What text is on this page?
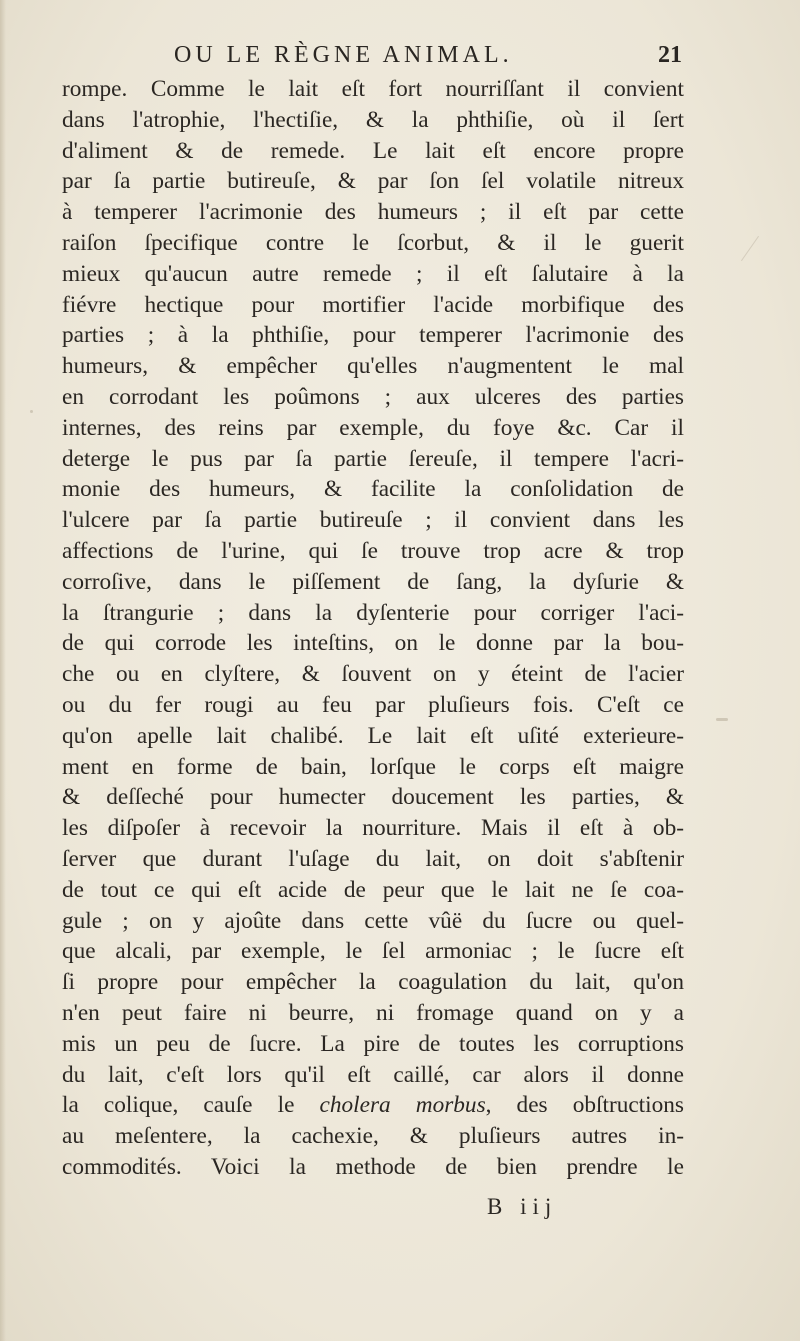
OU LE RÈGNE ANIMAL.	21
rompe. Comme le lait eſt fort nourriſſant il convient
dans l'atrophie, l'hectiſie, & la phthiſie, où il ſert
d'aliment & de remede. Le lait eſt encore propre
par ſa partie butireuſe, & par ſon ſel volatile nitreux
à temperer l'acrimonie des humeurs ; il eſt par cette
raiſon ſpecifique contre le ſcorbut, & il le guerit
mieux qu'aucun autre remede ; il eſt ſalutaire à la
fiévre hectique pour mortifier l'acide morbifique des
parties ; à la phthiſie, pour temperer l'acrimonie des
humeurs, & empêcher qu'elles n'augmentent le mal
en corrodant les poûmons ; aux ulceres des parties
internes, des reins par exemple, du foye &c. Car il
deterge le pus par ſa partie ſereuſe, il tempere l'acri-
monie des humeurs, & facilite la conſolidation de
l'ulcere par ſa partie butireuſe ; il convient dans les
affections de l'urine, qui ſe trouve trop acre & trop
corroſive, dans le piſſement de ſang, la dyſurie &
la ſtrangurie ; dans la dyſenterie pour corriger l'aci-
de qui corrode les inteſtins, on le donne par la bou-
che ou en clyſtere, & ſouvent on y éteint de l'acier
ou du fer rougi au feu par pluſieurs fois. C'eſt ce
qu'on apelle lait chalibé. Le lait eſt uſité exterieure-
ment en forme de bain, lorſque le corps eſt maigre
& deſſeché pour humecter doucement les parties, &
les diſpoſer à recevoir la nourriture. Mais il eſt à ob-
ſerver que durant l'uſage du lait, on doit s'abſtenir
de tout ce qui eſt acide de peur que le lait ne ſe coa-
gule ; on y ajoûte dans cette vûë du ſucre ou quel-
que alcali, par exemple, le ſel armoniac ; le ſucre eſt
ſi propre pour empêcher la coagulation du lait, qu'on
n'en peut faire ni beurre, ni fromage quand on y a
mis un peu de ſucre. La pire de toutes les corruptions
du lait, c'eſt lors qu'il eſt caillé, car alors il donne
la colique, cauſe le cholera morbus, des obſtructions
au meſentere, la cachexie, & pluſieurs autres in-
commodités. Voici la methode de bien prendre le
B iij
